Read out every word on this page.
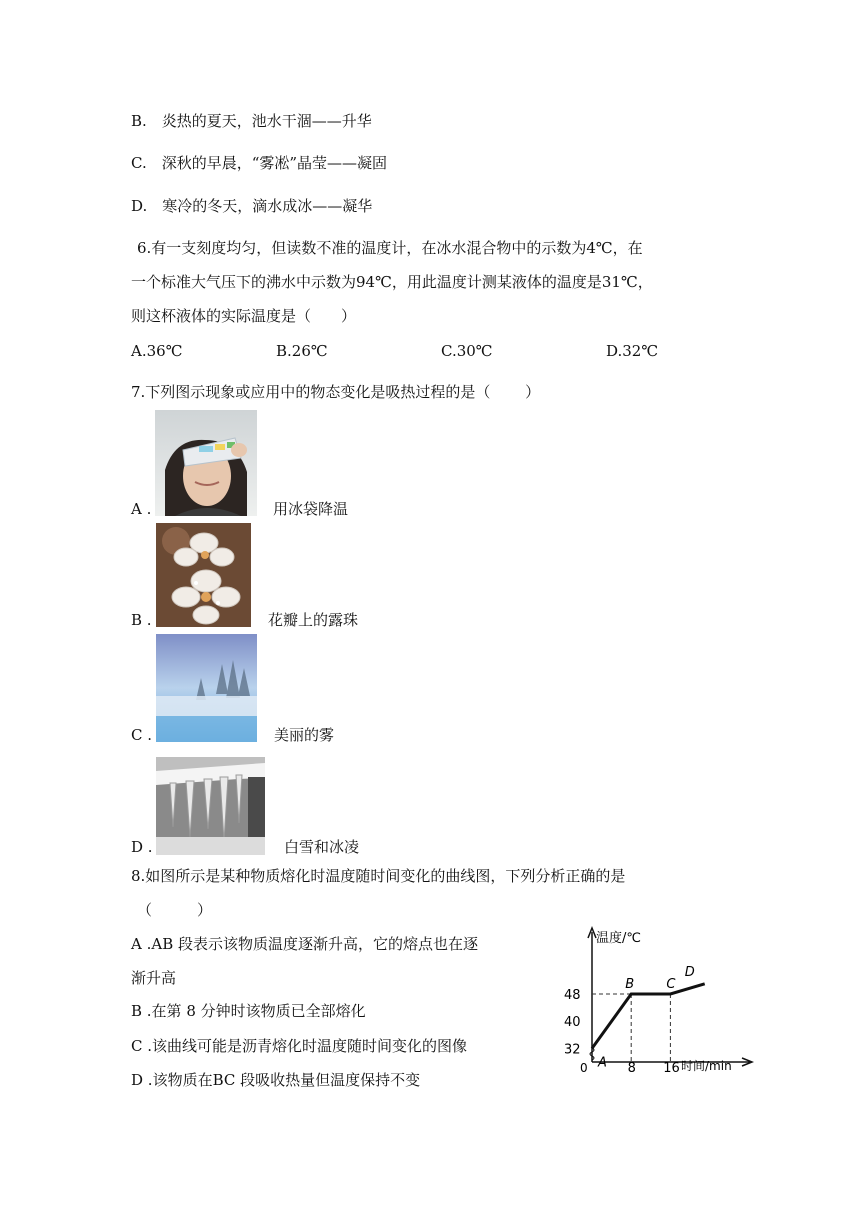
B.　炎热的夏天，池水干涸——升华
C.　深秋的早晨，“雾凇”晶莹——凝固
D.　寒冷的冬天，滴水成冰——凝华
6.有一支刻度均匀，但读数不准的温度计，在冰水混合物中的示数为4℃，在
一个标准大气压下的沸水中示数为94℃，用此温度计测某液体的温度是31℃，
则这杯液体的实际温度是（　　）
A.36℃	B.26℃	C.30℃	D.32℃
7.下列图示现象或应用中的物态变化是吸热过程的是（　　 ）
A .	用冰袋降温
B .	花瓣上的露珠
C .	美丽的雾
D .	白雪和冰凌
8.如图所示是某种物质熔化时温度随时间变化的曲线图，下列分析正确的是
（　　　）
A .AB 段表示该物质温度逐渐升高，它的熔点也在逐
渐升高
B .在第 8 分钟时该物质已全部熔化
C .该曲线可能是沥青熔化时温度随时间变化的图像
D .该物质在BC 段吸收热量但温度保持不变
温度/℃
时间/min
0
32
40
48
8 16
A
B C
D
